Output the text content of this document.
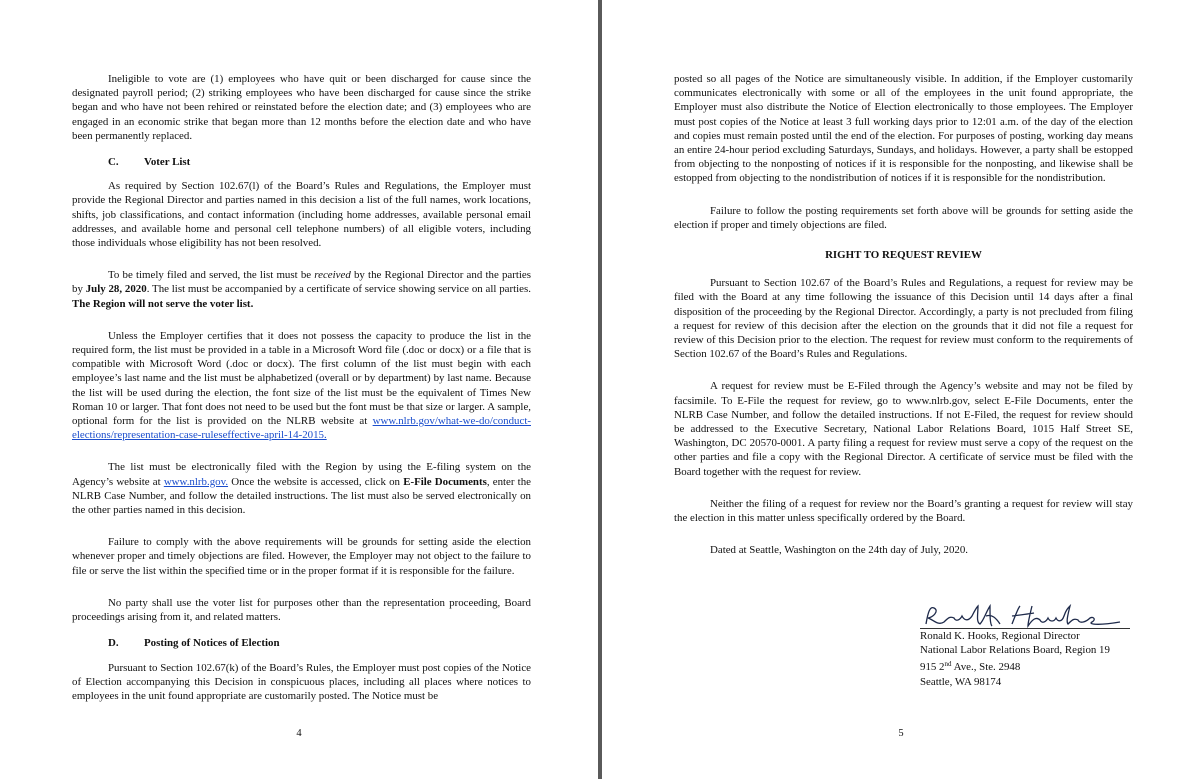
Ineligible to vote are (1) employees who have quit or been discharged for cause since the designated payroll period; (2) striking employees who have been discharged for cause since the strike began and who have not been rehired or reinstated before the election date; and (3) employees who are engaged in an economic strike that began more than 12 months before the election date and who have been permanently replaced.

C. Voter List

As required by Section 102.67(l) of the Board’s Rules and Regulations, the Employer must provide the Regional Director and parties named in this decision a list of the full names, work locations, shifts, job classifications, and contact information (including home addresses, available personal email addresses, and available home and personal cell telephone numbers) of all eligible voters, including those individuals whose eligibility has not been resolved.

To be timely filed and served, the list must be received by the Regional Director and the parties by July 28, 2020. The list must be accompanied by a certificate of service showing service on all parties. The Region will not serve the voter list.

Unless the Employer certifies that it does not possess the capacity to produce the list in the required form, the list must be provided in a table in a Microsoft Word file (.doc or docx) or a file that is compatible with Microsoft Word (.doc or docx). The first column of the list must begin with each employee’s last name and the list must be alphabetized (overall or by department) by last name. Because the list will be used during the election, the font size of the list must be the equivalent of Times New Roman 10 or larger. That font does not need to be used but the font must be that size or larger. A sample, optional form for the list is provided on the NLRB website at www.nlrb.gov/what-we-do/conduct-elections/representation-case-ruleseffective-april-14-2015.

The list must be electronically filed with the Region by using the E-filing system on the Agency’s website at www.nlrb.gov. Once the website is accessed, click on E-File Documents, enter the NLRB Case Number, and follow the detailed instructions. The list must also be served electronically on the other parties named in this decision.

Failure to comply with the above requirements will be grounds for setting aside the election whenever proper and timely objections are filed. However, the Employer may not object to the failure to file or serve the list within the specified time or in the proper format if it is responsible for the failure.

No party shall use the voter list for purposes other than the representation proceeding, Board proceedings arising from it, and related matters.

D. Posting of Notices of Election

Pursuant to Section 102.67(k) of the Board’s Rules, the Employer must post copies of the Notice of Election accompanying this Decision in conspicuous places, including all places where notices to employees in the unit found appropriate are customarily posted. The Notice must be

4

posted so all pages of the Notice are simultaneously visible. In addition, if the Employer customarily communicates electronically with some or all of the employees in the unit found appropriate, the Employer must also distribute the Notice of Election electronically to those employees. The Employer must post copies of the Notice at least 3 full working days prior to 12:01 a.m. of the day of the election and copies must remain posted until the end of the election. For purposes of posting, working day means an entire 24-hour period excluding Saturdays, Sundays, and holidays. However, a party shall be estopped from objecting to the nonposting of notices if it is responsible for the nonposting, and likewise shall be estopped from objecting to the nondistribution of notices if it is responsible for the nondistribution.

Failure to follow the posting requirements set forth above will be grounds for setting aside the election if proper and timely objections are filed.

RIGHT TO REQUEST REVIEW

Pursuant to Section 102.67 of the Board’s Rules and Regulations, a request for review may be filed with the Board at any time following the issuance of this Decision until 14 days after a final disposition of the proceeding by the Regional Director. Accordingly, a party is not precluded from filing a request for review of this decision after the election on the grounds that it did not file a request for review of this Decision prior to the election. The request for review must conform to the requirements of Section 102.67 of the Board’s Rules and Regulations.

A request for review must be E-Filed through the Agency’s website and may not be filed by facsimile. To E-File the request for review, go to www.nlrb.gov, select E-File Documents, enter the NLRB Case Number, and follow the detailed instructions. If not E-Filed, the request for review should be addressed to the Executive Secretary, National Labor Relations Board, 1015 Half Street SE, Washington, DC 20570-0001. A party filing a request for review must serve a copy of the request on the other parties and file a copy with the Regional Director. A certificate of service must be filed with the Board together with the request for review.

Neither the filing of a request for review nor the Board’s granting a request for review will stay the election in this matter unless specifically ordered by the Board.

Dated at Seattle, Washington on the 24th day of July, 2020.

Ronald K. Hooks, Regional Director
National Labor Relations Board, Region 19
915 2nd Ave., Ste. 2948
Seattle, WA 98174
5
